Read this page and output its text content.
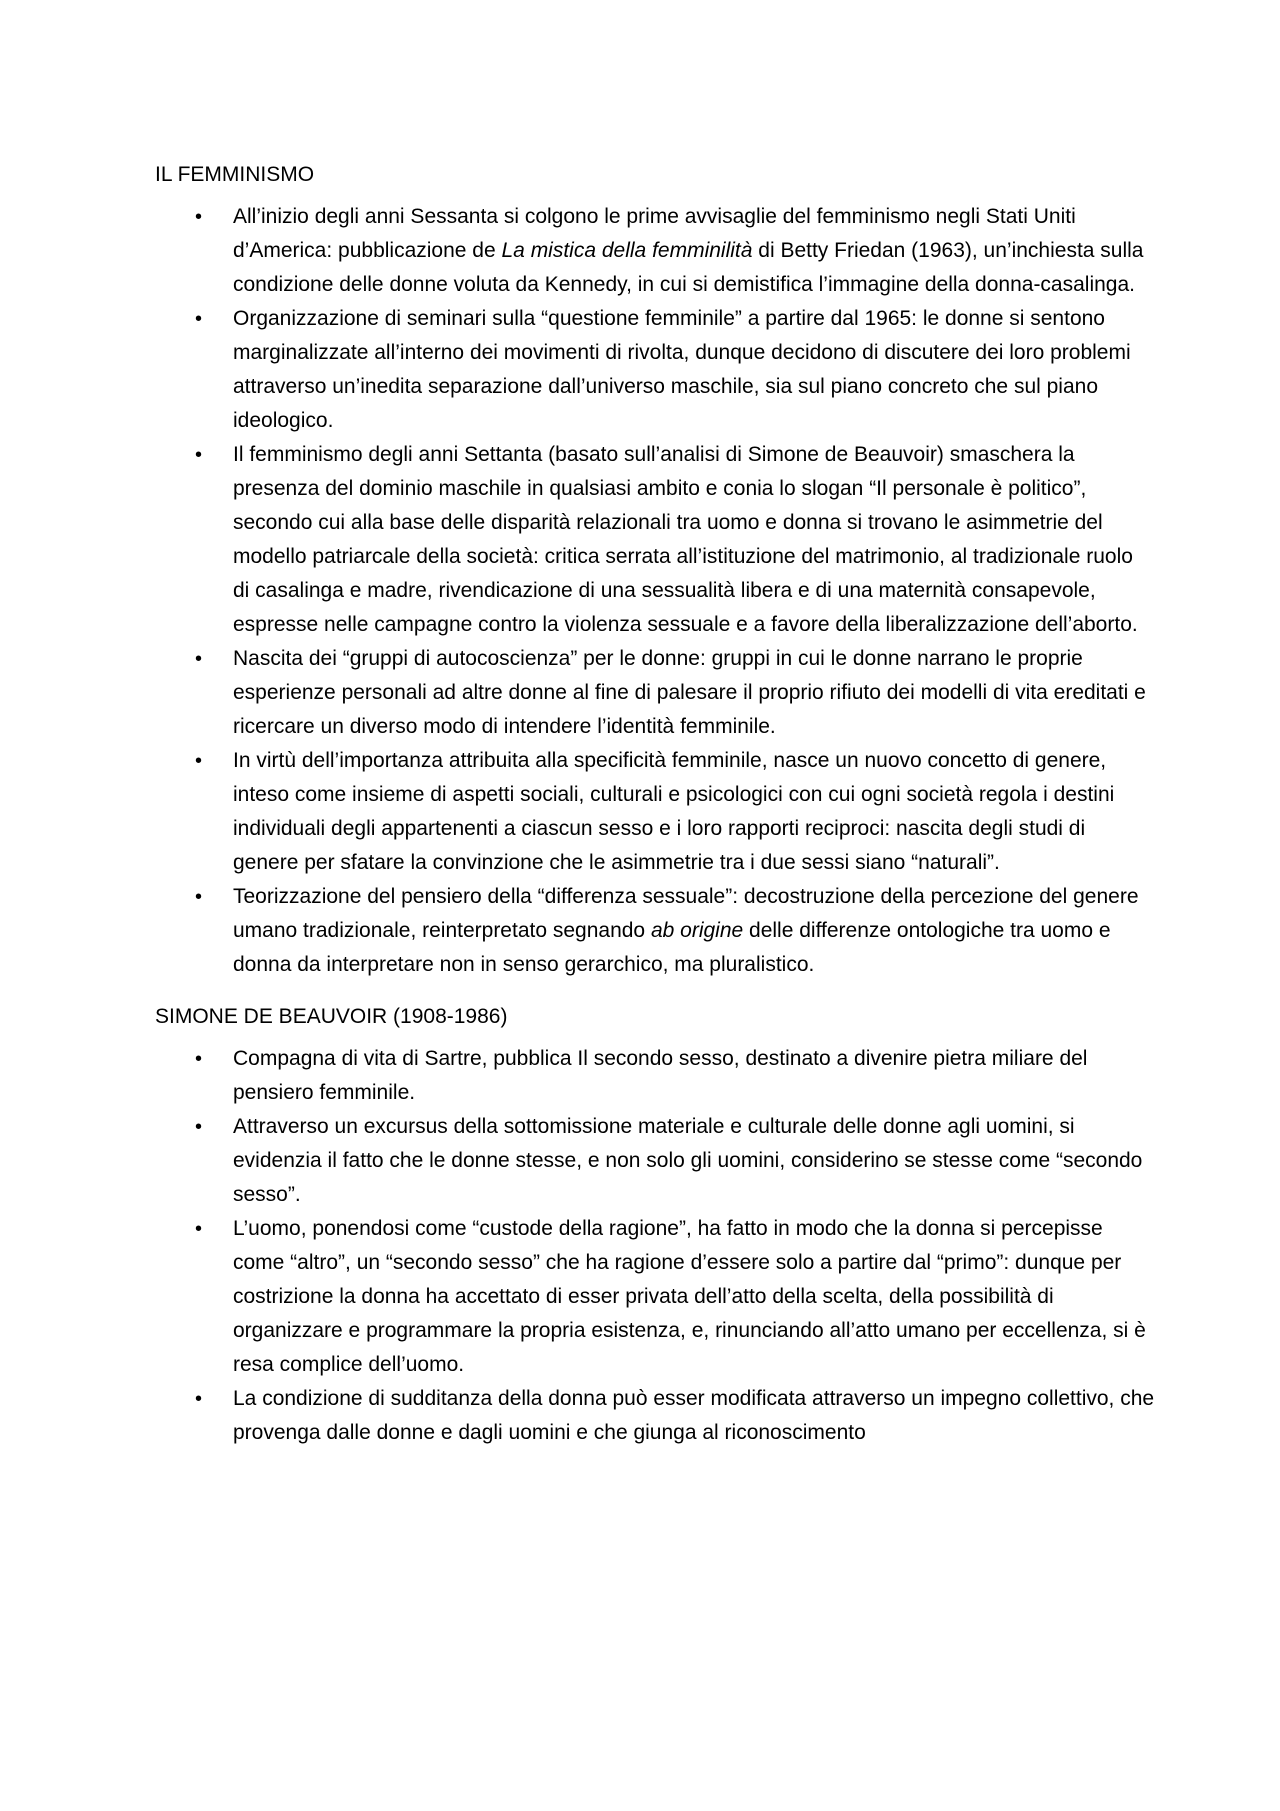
IL FEMMINISMO
•	All’inizio degli anni Sessanta si colgono le prime avvisaglie del femminismo negli Stati Uniti d’America: pubblicazione de La mistica della femminilità di Betty Friedan (1963), un’inchiesta sulla condizione delle donne voluta da Kennedy, in cui si demistifica l’immagine della donna-casalinga.
•	Organizzazione di seminari sulla “questione femminile” a partire dal 1965: le donne si sentono marginalizzate all’interno dei movimenti di rivolta, dunque decidono di discutere dei loro problemi attraverso un’inedita separazione dall’universo maschile, sia sul piano concreto che sul piano ideologico.
•	Il femminismo degli anni Settanta (basato sull’analisi di Simone de Beauvoir) smaschera la presenza del dominio maschile in qualsiasi ambito e conia lo slogan “Il personale è politico”, secondo cui alla base delle disparità relazionali tra uomo e donna si trovano le asimmetrie del modello patriarcale della società: critica serrata all’istituzione del matrimonio, al tradizionale ruolo di casalinga e madre, rivendicazione di una sessualità libera e di una maternità consapevole, espresse nelle campagne contro la violenza sessuale e a favore della liberalizzazione dell’aborto.
•	Nascita dei “gruppi di autocoscienza” per le donne: gruppi in cui le donne narrano le proprie esperienze personali ad altre donne al fine di palesare il proprio rifiuto dei modelli di vita ereditati e ricercare un diverso modo di intendere l’identità femminile.
•	In virtù dell’importanza attribuita alla specificità femminile, nasce un nuovo concetto di genere, inteso come insieme di aspetti sociali, culturali e psicologici con cui ogni società regola i destini individuali degli appartenenti a ciascun sesso e i loro rapporti reciproci: nascita degli studi di genere per sfatare la convinzione che le asimmetrie tra i due sessi siano “naturali”.
•	Teorizzazione del pensiero della “differenza sessuale”: decostruzione della percezione del genere umano tradizionale, reinterpretato segnando ab origine delle differenze ontologiche tra uomo e donna da interpretare non in senso gerarchico, ma pluralistico.
SIMONE DE BEAUVOIR (1908-1986)
•	Compagna di vita di Sartre, pubblica Il secondo sesso, destinato a divenire pietra miliare del pensiero femminile.
•	Attraverso un excursus della sottomissione materiale e culturale delle donne agli uomini, si evidenzia il fatto che le donne stesse, e non solo gli uomini, considerino se stesse come “secondo sesso”.
•	L’uomo, ponendosi come “custode della ragione”, ha fatto in modo che la donna si percepisse come “altro”, un “secondo sesso” che ha ragione d’essere solo a partire dal “primo”: dunque per costrizione la donna ha accettato di esser privata dell’atto della scelta, della possibilità di organizzare e programmare la propria esistenza, e, rinunciando all’atto umano per eccellenza, si è resa complice dell’uomo.
•	La condizione di sudditanza della donna può esser modificata attraverso un impegno collettivo, che provenga dalle donne e dagli uomini e che giunga al riconoscimento
